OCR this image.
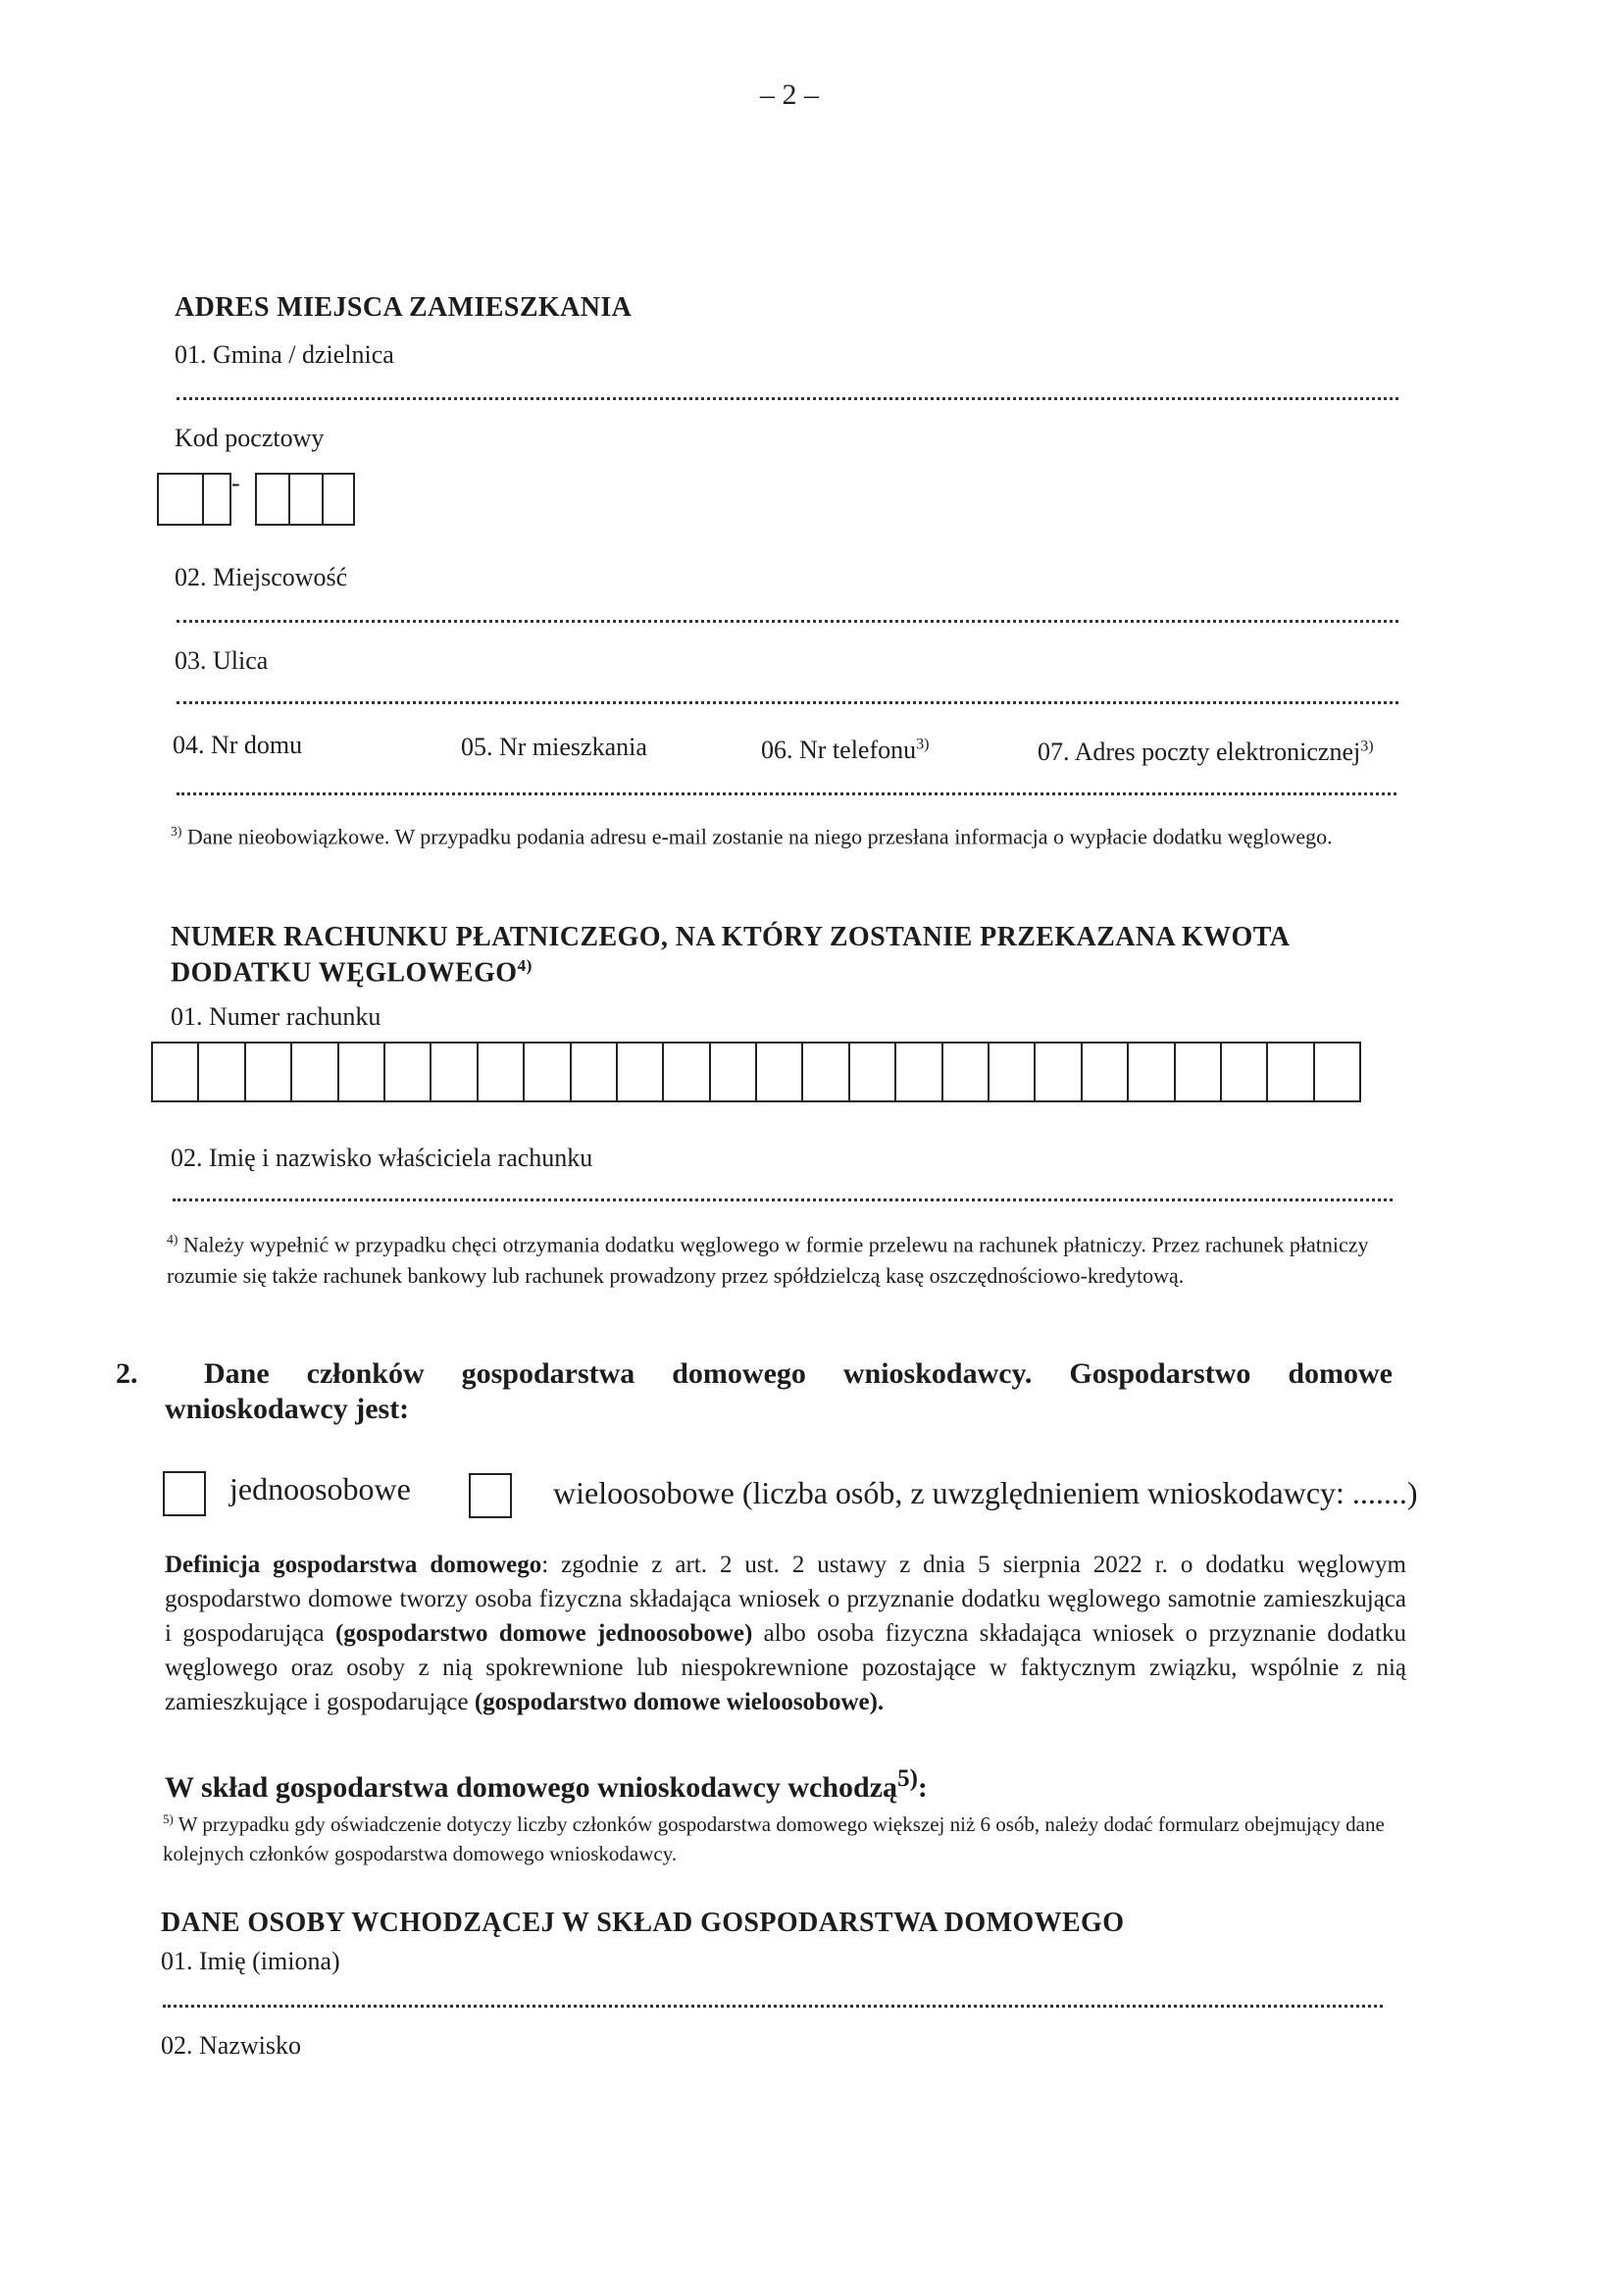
– 2 –
ADRES MIEJSCA ZAMIESZKANIA
01. Gmina / dzielnica
Kod pocztowy
-
02. Miejscowość
03. Ulica
04. Nr domu	05. Nr mieszkania	06. Nr telefonu$^{3)}$	07. Adres poczty elektronicznej$^{3)}$
$^{3)}$ Dane nieobowiązkowe. W przypadku podania adresu e-mail zostanie na niego przesłana informacja o wypłacie dodatku węglowego.
NUMER RACHUNKU PŁATNICZEGO, NA KTÓRY ZOSTANIE PRZEKAZANA KWOTA
DODATKU WĘGLOWEGO$^{4)}$
01. Numer rachunku
02. Imię i nazwisko właściciela rachunku
$^{4)}$ Należy wypełnić w przypadku chęci otrzymania dodatku węglowego w formie przelewu na rachunek płatniczy. Przez rachunek płatniczy rozumie się także rachunek bankowy lub rachunek prowadzony przez spółdzielczą kasę oszczędnościowo-kredytową.
2. Dane członków gospodarstwa domowego wnioskodawcy. Gospodarstwo domowe
wnioskodawcy jest:
jednoosobowe	wieloosobowe (liczba osób, z uwzględnieniem wnioskodawcy: .......)
Definicja gospodarstwa domowego: zgodnie z art. 2 ust. 2 ustawy z dnia 5 sierpnia 2022 r. o dodatku węglowym gospodarstwo domowe tworzy osoba fizyczna składająca wniosek o przyznanie dodatku węglowego samotnie zamieszkująca i gospodarująca (gospodarstwo domowe jednoosobowe) albo osoba fizyczna składająca wniosek o przyznanie dodatku węglowego oraz osoby z nią spokrewnione lub niespokrewnione pozostające w faktycznym związku, wspólnie z nią zamieszkujące i gospodarujące (gospodarstwo domowe wieloosobowe).
W skład gospodarstwa domowego wnioskodawcy wchodzą$^{5)}$:
$^{5)}$ W przypadku gdy oświadczenie dotyczy liczby członków gospodarstwa domowego większej niż 6 osób, należy dodać formularz obejmujący dane kolejnych członków gospodarstwa domowego wnioskodawcy.
DANE OSOBY WCHODZĄCEJ W SKŁAD GOSPODARSTWA DOMOWEGO
01. Imię (imiona)
02. Nazwisko
